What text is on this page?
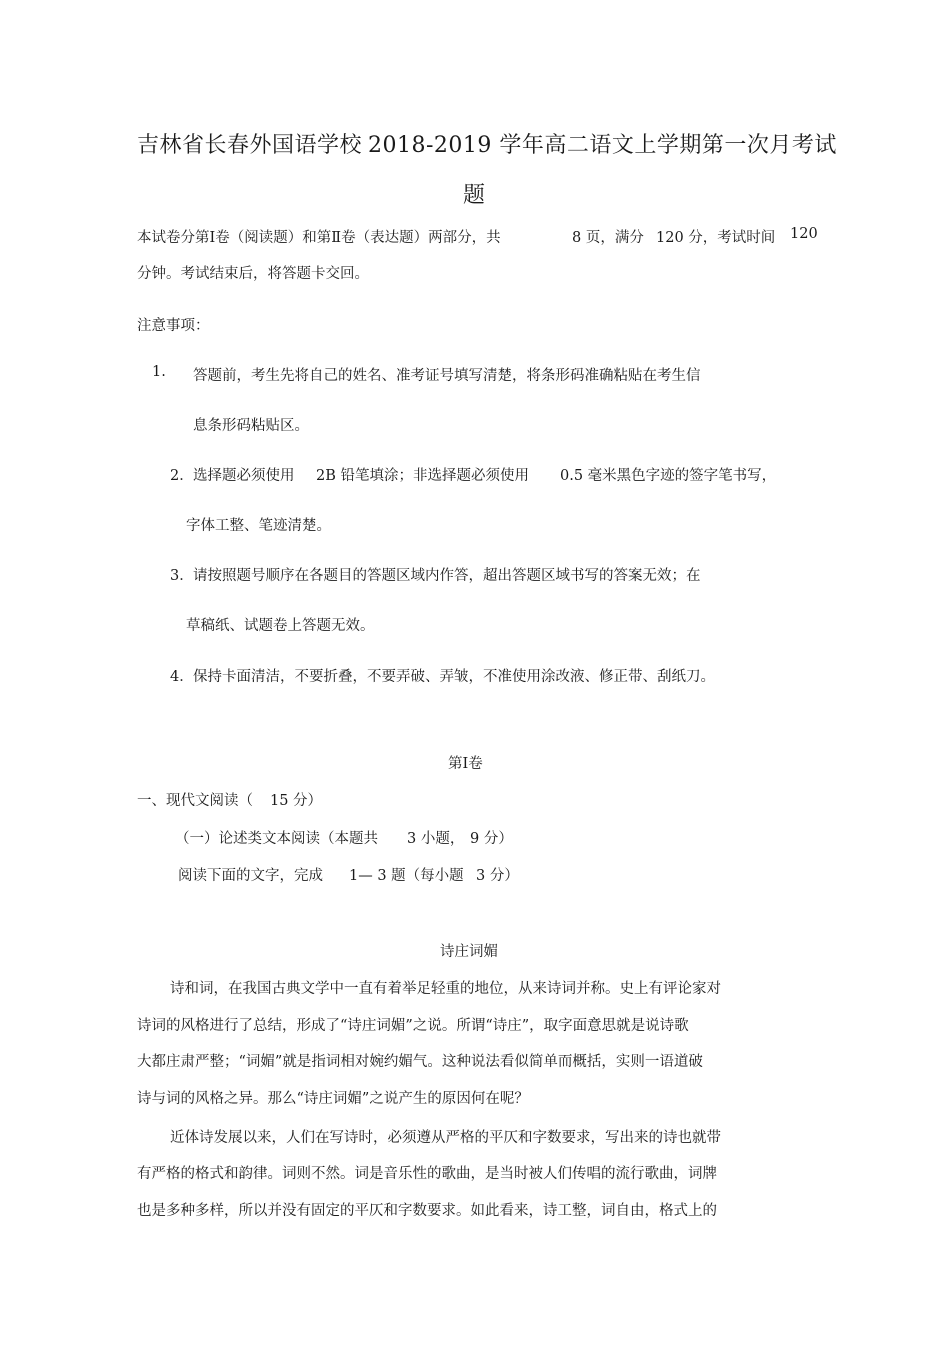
吉林省长春外国语学校 2018-2019 学年高二语文上学期第一次月考试
题
本试卷分第Ⅰ卷（阅读题）和第Ⅱ卷（表达题）两部分，共	8 页，满分 120 分，考试时间 120
分钟。考试结束后，将答题卡交回。
注意事项：
1. 答题前，考生先将自己的姓名、准考证号填写清楚，将条形码准确粘贴在考生信
息条形码粘贴区。
2． 选择题必须使用 2B 铅笔填涂；非选择题必须使用 0.5 毫米黑色字迹的签字笔书写，
字体工整、笔迹清楚。
3． 请按照题号顺序在各题目的答题区域内作答，超出答题区域书写的答案无效；在
草稿纸、试题卷上答题无效。
4． 保持卡面清洁，不要折叠，不要弄破、弄皱，不准使用涂改液、修正带、刮纸刀。
第Ⅰ卷
一、现代文阅读（ 15 分）
（一）论述类文本阅读（本题共 3 小题， 9 分）
阅读下面的文字，完成 1— 3 题（每小题 3 分）
诗庄词媚
诗和词，在我国古典文学中一直有着举足轻重的地位，从来诗词并称。史上有评论家对
诗词的风格进行了总结，形成了“诗庄词媚”之说。所谓“诗庄”，取字面意思就是说诗歌
大都庄肃严整；“词媚”就是指词相对婉约媚气。这种说法看似简单而概括，实则一语道破
诗与词的风格之异。那么“诗庄词媚”之说产生的原因何在呢？
近体诗发展以来，人们在写诗时，必须遵从严格的平仄和字数要求，写出来的诗也就带
有严格的格式和韵律。词则不然。词是音乐性的歌曲，是当时被人们传唱的流行歌曲，词牌
也是多种多样，所以并没有固定的平仄和字数要求。如此看来，诗工整，词自由，格式上的
